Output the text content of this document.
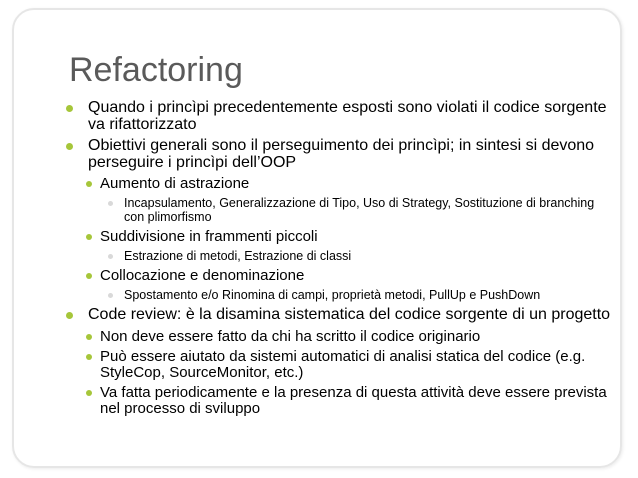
Refactoring
Quando i princìpi precedentemente esposti sono violati il codice sorgente va rifattorizzato
Obiettivi generali sono il perseguimento dei princìpi; in sintesi si devono perseguire i princìpi dell’OOP
Aumento di astrazione
Incapsulamento, Generalizzazione di Tipo, Uso di Strategy, Sostituzione di branching con plimorfismo
Suddivisione in frammenti piccoli
Estrazione di metodi, Estrazione di classi
Collocazione e denominazione
Spostamento e/o Rinomina di campi, proprietà metodi, PullUp e PushDown
Code review: è la disamina sistematica del codice sorgente di un progetto
Non deve essere fatto da chi ha scritto il codice originario
Può essere aiutato da sistemi automatici di analisi statica del codice (e.g. StyleCop, SourceMonitor, etc.)
Va fatta periodicamente e la presenza di questa attività deve essere prevista nel processo di sviluppo
